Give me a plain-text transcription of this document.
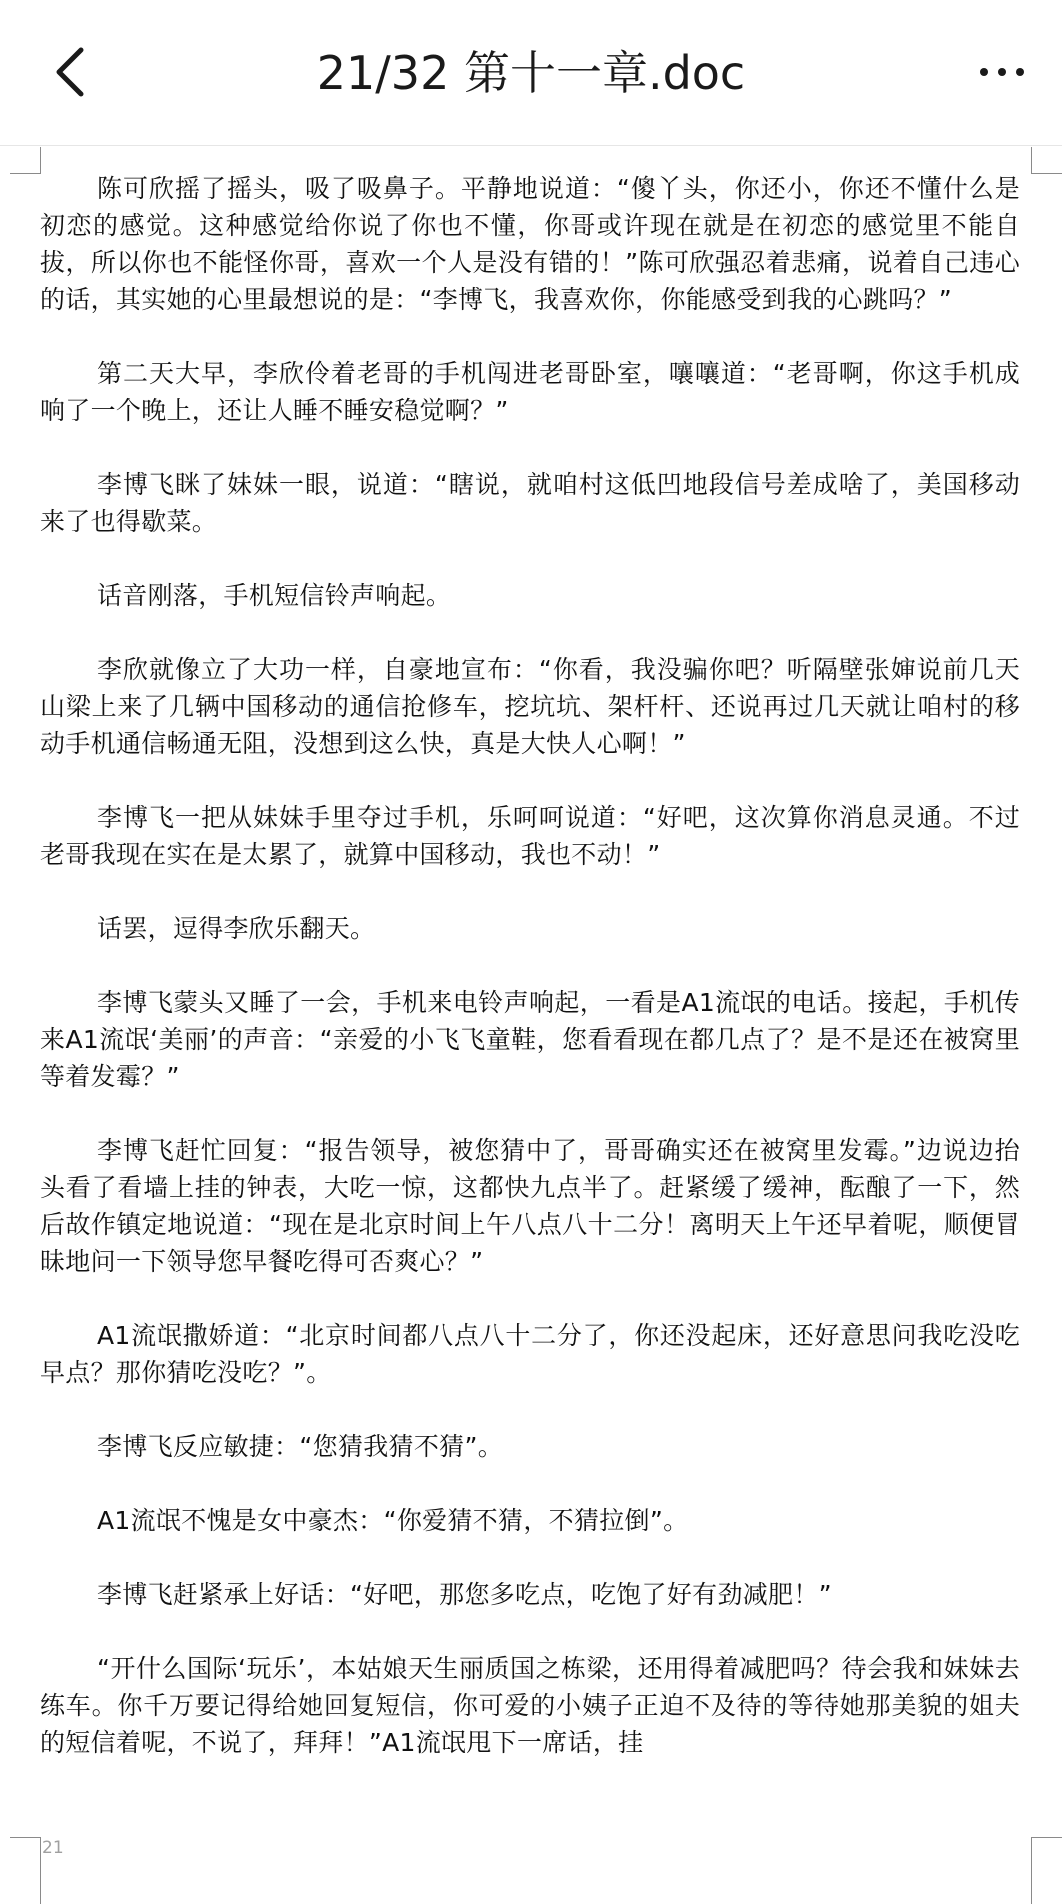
21/32 第十一章.doc

陈可欣摇了摇头，吸了吸鼻子。平静地说道：“傻丫头，你还小，你还不懂什么是初恋的感觉。这种感觉给你说了你也不懂，你哥或许现在就是在初恋的感觉里不能自拔，所以你也不能怪你哥，喜欢一个人是没有错的！”陈可欣强忍着悲痛，说着自己违心的话，其实她的心里最想说的是：“李博飞，我喜欢你，你能感受到我的心跳吗？”

第二天大早，李欣伶着老哥的手机闯进老哥卧室，嚷嚷道：“老哥啊，你这手机成响了一个晚上，还让人睡不睡安稳觉啊？”

李博飞眯了妹妹一眼，说道：“瞎说，就咱村这低凹地段信号差成啥了，美国移动来了也得歇菜。

话音刚落，手机短信铃声响起。

李欣就像立了大功一样，自豪地宣布：“你看，我没骗你吧？听隔壁张婶说前几天山梁上来了几辆中国移动的通信抢修车，挖坑坑、架杆杆、还说再过几天就让咱村的移动手机通信畅通无阻，没想到这么快，真是大快人心啊！”

李博飞一把从妹妹手里夺过手机，乐呵呵说道：“好吧，这次算你消息灵通。不过老哥我现在实在是太累了，就算中国移动，我也不动！”

话罢，逗得李欣乐翻天。

李博飞蒙头又睡了一会，手机来电铃声响起，一看是A1流氓的电话。接起，手机传来A1流氓‘美丽’的声音：“亲爱的小飞飞童鞋，您看看现在都几点了？是不是还在被窝里等着发霉？”

李博飞赶忙回复：“报告领导，被您猜中了，哥哥确实还在被窝里发霉。”边说边抬头看了看墙上挂的钟表，大吃一惊，这都快九点半了。赶紧缓了缓神，酝酿了一下，然后故作镇定地说道：“现在是北京时间上午八点八十二分！离明天上午还早着呢，顺便冒昧地问一下领导您早餐吃得可否爽心？”

A1流氓撒娇道：“北京时间都八点八十二分了，你还没起床，还好意思问我吃没吃早点？那你猜吃没吃？”。

李博飞反应敏捷：“您猜我猜不猜”。

A1流氓不愧是女中豪杰：“你爱猜不猜，不猜拉倒”。

李博飞赶紧承上好话：“好吧，那您多吃点，吃饱了好有劲减肥！”

“开什么国际‘玩乐’，本姑娘天生丽质国之栋梁，还用得着减肥吗？待会我和妹妹去练车。你千万要记得给她回复短信，你可爱的小姨子正迫不及待的等待她那美貌的姐夫的短信着呢，不说了，拜拜！”A1流氓甩下一席话，挂

21
